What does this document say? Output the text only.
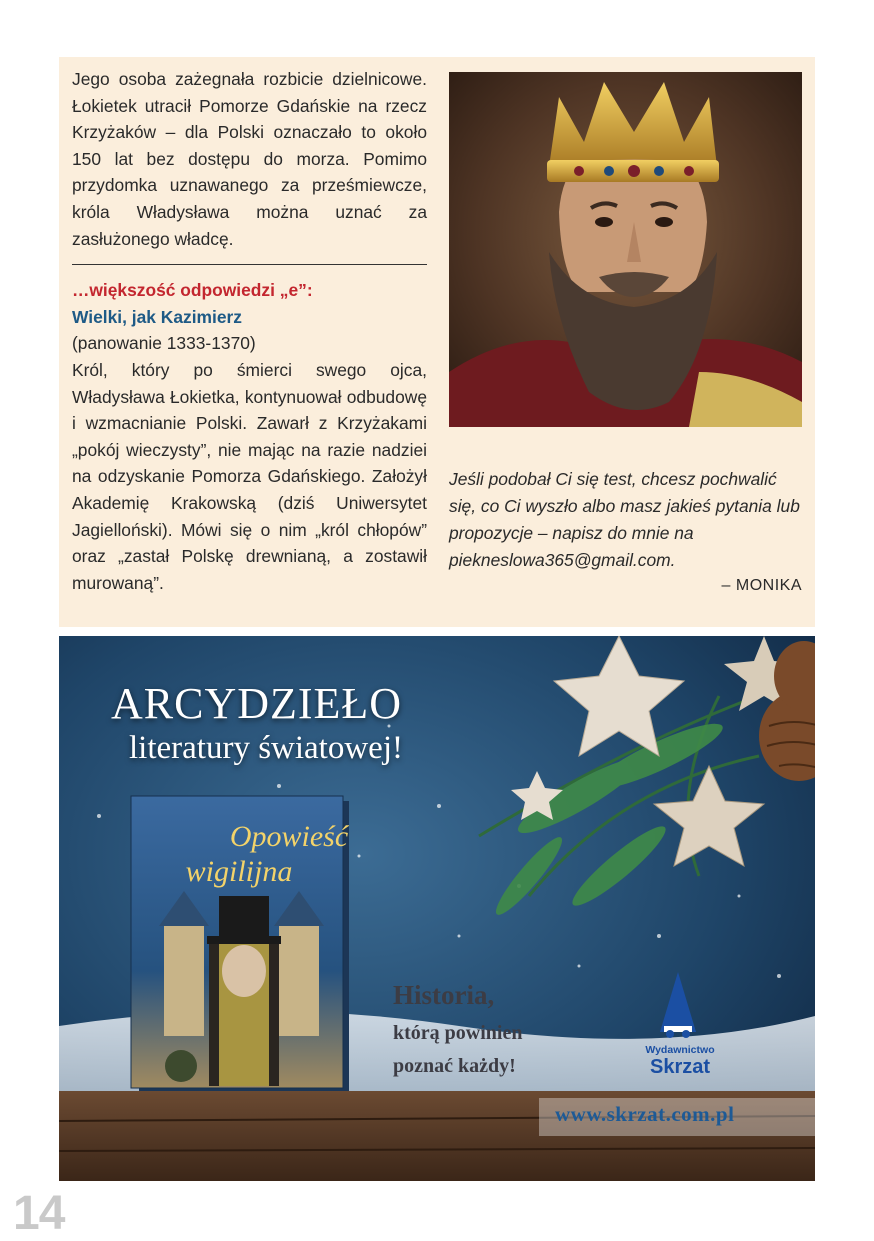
Jego osoba zażegnała rozbicie dzielnicowe. Łokietek utracił Pomorze Gdańskie na rzecz Krzyżaków – dla Polski oznaczało to około 150 lat bez dostępu do morza. Pomimo przydomka uznawanego za prześmiewcze, króla Władysława można uznać za zasłużonego władcę.

…większość odpowiedzi „e”:
Wielki, jak Kazimierz
(panowanie 1333-1370)

Król, który po śmierci swego ojca, Władysława Łokietka, kontynuował odbudowę i wzmacnianie Polski. Zawarł z Krzyżakami „pokój wieczysty”, nie mając na razie nadziei na odzyskanie Pomorza Gdańskiego. Założył Akademię Krakowską (dziś Uniwersytet Jagielloński). Mówi się o nim „król chłopów” oraz „zastał Polskę drewnianą, a zostawił murowaną”.

Jeśli podobał Ci się test, chcesz pochwalić się, co Ci wyszło albo masz jakieś pytania lub propozycje – napisz do mnie na piekneslowa365@gmail.com.
– MONIKA
Opowieść
wigilijna
ARCYDZIEŁO
literatury światowej!
Historia,
którą powinien
poznać każdy!
Wydawnictwo
Skrzat
www.skrzat.com.pl
14
